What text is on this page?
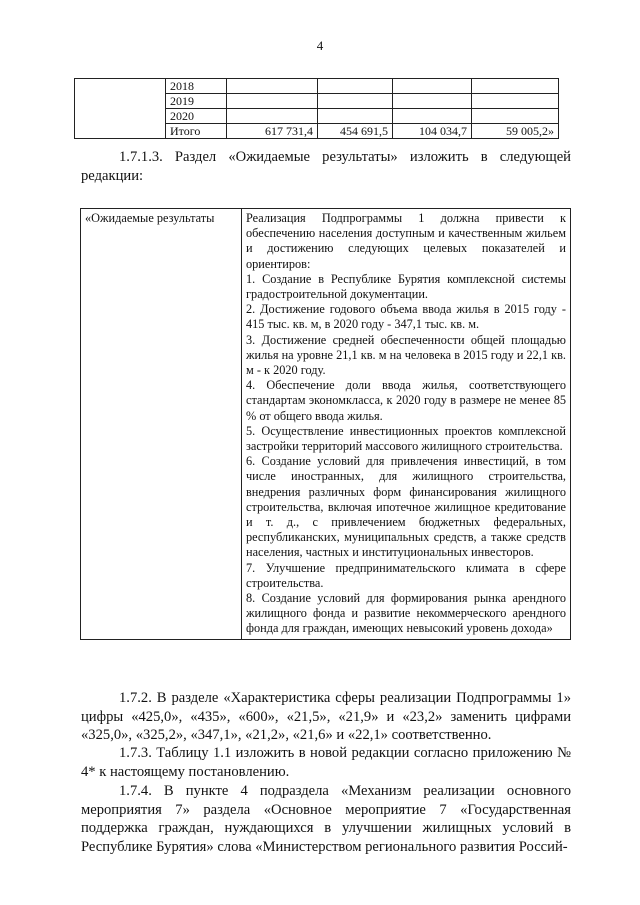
4
	2018				
	2019				
	2020				
	Итого	617 731,4	454 691,5	104 034,7	59 005,2»

1.7.1.3. Раздел «Ожидаемые результаты» изложить в следующей редакции:

«Ожидаемые результаты	Реализация Подпрограммы 1 должна привести к обеспечению населения доступным и качественным жильем и достижению следующих целевых показателей и ориентиров:
1. Создание в Республике Бурятия комплексной системы градостроительной документации.
2. Достижение годового объема ввода жилья в 2015 году - 415 тыс. кв. м, в 2020 году - 347,1 тыс. кв. м.
3. Достижение средней обеспеченности общей площадью жилья на уровне 21,1 кв. м на человека в 2015 году и 22,1 кв. м - к 2020 году.
4. Обеспечение доли ввода жилья, соответствующего стандартам экономкласса, к 2020 году в размере не менее 85 % от общего ввода жилья.
5. Осуществление инвестиционных проектов комплексной застройки территорий массового жилищного строительства.
6. Создание условий для привлечения инвестиций, в том числе иностранных, для жилищного строительства, внедрения различных форм финансирования жилищного строительства, включая ипотечное жилищное кредитование и т. д., с привлечением бюджетных федеральных, республиканских, муниципальных средств, а также средств населения, частных и институциональных инвесторов.
7. Улучшение предпринимательского климата в сфере строительства.
8. Создание условий для формирования рынка арендного жилищного фонда и развитие некоммерческого арендного фонда для граждан, имеющих невысокий уровень дохода»

1.7.2. В разделе «Характеристика сферы реализации Подпрограммы 1» цифры «425,0», «435», «600», «21,5», «21,9» и «23,2» заменить цифрами «325,0», «325,2», «347,1», «21,2», «21,6» и «22,1» соответственно.

1.7.3. Таблицу 1.1 изложить в новой редакции согласно приложению № 4* к настоящему постановлению.

1.7.4. В пункте 4 подраздела «Механизм реализации основного мероприятия 7» раздела «Основное мероприятие 7 «Государственная поддержка граждан, нуждающихся в улучшении жилищных условий в Республике Бурятия» слова «Министерством регионального развития Россий-
